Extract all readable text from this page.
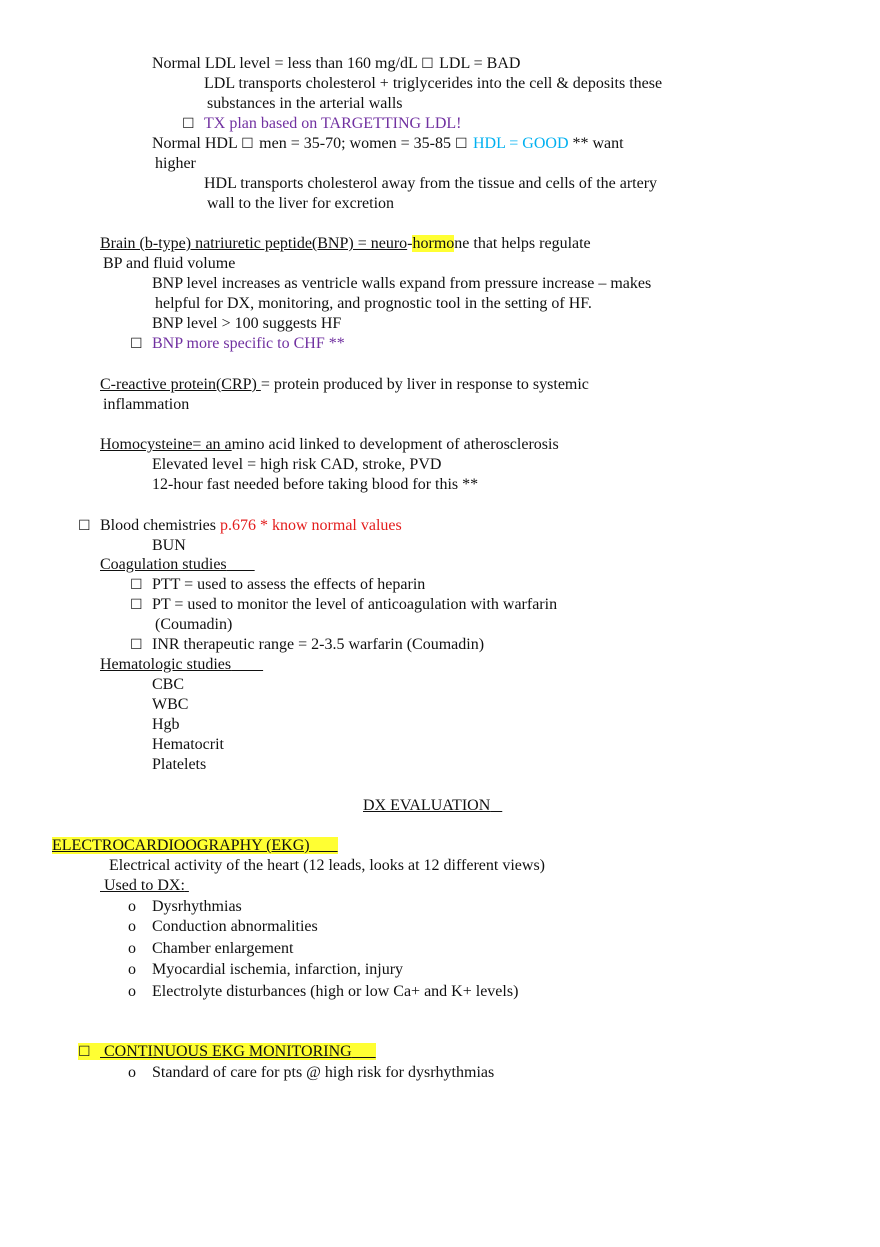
Normal LDL level = less than 160 mg/dL ☐ LDL = BAD
LDL transports cholesterol + triglycerides into the cell & deposits these
substances in the arterial walls
☐ TX plan based on TARGETTING LDL!
Normal HDL ☐ men = 35-70; women = 35-85 ☐ HDL = GOOD ** want
higher
HDL transports cholesterol away from the tissue and cells of the artery
wall to the liver for excretion
Brain (b-type) natriuretic peptide(BNP) = neuro-hormone that helps regulate
BP and fluid volume
BNP level increases as ventricle walls expand from pressure increase – makes
helpful for DX, monitoring, and prognostic tool in the setting of HF.
BNP level > 100 suggests HF
☐ BNP more specific to CHF **
C-reactive protein(CRP) = protein produced by liver in response to systemic
inflammation
Homocysteine= an amino acid linked to development of atherosclerosis
Elevated level = high risk CAD, stroke, PVD
12-hour fast needed before taking blood for this **
☐ Blood chemistries p.676 * know normal values
BUN
Coagulation studies
☐ PTT = used to assess the effects of heparin
☐ PT = used to monitor the level of anticoagulation with warfarin
(Coumadin)
☐ INR therapeutic range = 2-3.5 warfarin (Coumadin)
Hematologic studies
CBC
WBC
Hgb
Hematocrit
Platelets
DX EVALUATION
ELECTROCARDIOOGRAPHY (EKG)
Electrical activity of the heart (12 leads, looks at 12 different views)
Used to DX:
o Dysrhythmias
o Conduction abnormalities
o Chamber enlargement
o Myocardial ischemia, infarction, injury
o Electrolyte disturbances (high or low Ca+ and K+ levels)
☐ CONTINUOUS EKG MONITORING
o Standard of care for pts @ high risk for dysrhythmias
